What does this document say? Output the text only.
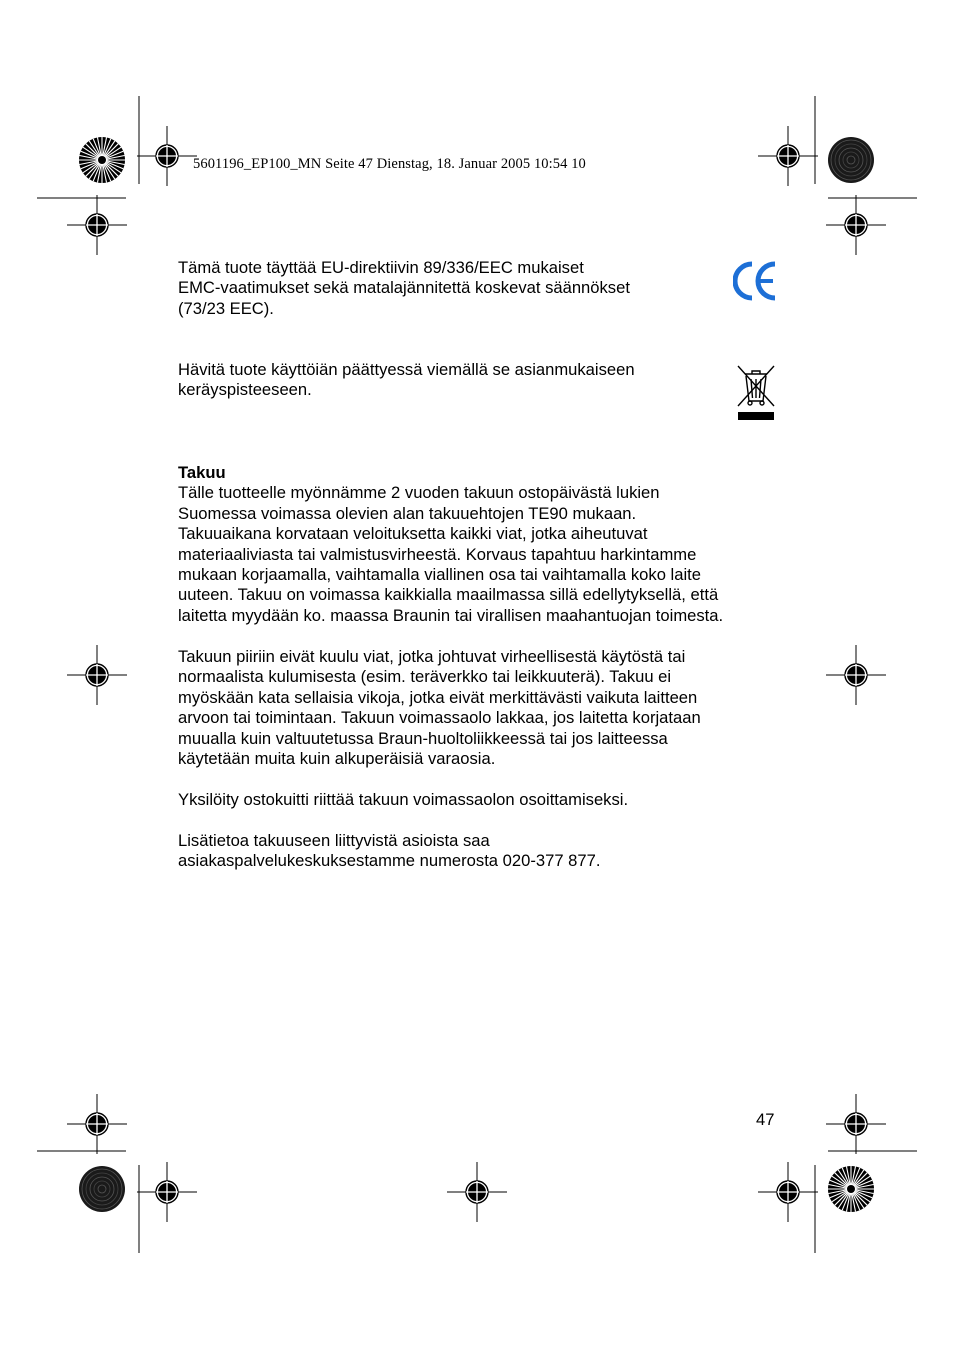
5601196_EP100_MN Seite 47 Dienstag, 18. Januar 2005 10:54 10

Tämä tuote täyttää EU-direktiivin 89/336/EEC mukaiset
EMC-vaatimukset sekä matalajännitettä koskevat säännökset
(73/23 EEC).

Hävitä tuote käyttöiän päättyessä viemällä se asianmukaiseen
keräyspisteeseen.

Takuu
Tälle tuotteelle myönnämme 2 vuoden takuun ostopäivästä lukien
Suomessa voimassa olevien alan takuuehtojen TE90 mukaan.
Takuuaikana korvataan veloituksetta kaikki viat, jotka aiheutuvat
materiaaliviasta tai valmistusvirheestä. Korvaus tapahtuu harkintamme
mukaan korjaamalla, vaihtamalla viallinen osa tai vaihtamalla koko laite
uuteen. Takuu on voimassa kaikkialla maailmassa sillä edellytyksellä, että
laitetta myydään ko. maassa Braunin tai virallisen maahantuojan toimesta.

Takuun piiriin eivät kuulu viat, jotka johtuvat virheellisestä käytöstä tai
normaalista kulumisesta (esim. teräverkko tai leikkuuterä). Takuu ei
myöskään kata sellaisia vikoja, jotka eivät merkittävästi vaikuta laitteen
arvoon tai toimintaan. Takuun voimassaolo lakkaa, jos laitetta korjataan
muualla kuin valtuutetussa Braun-huoltoliikkeessä tai jos laitteessa
käytetään muita kuin alkuperäisiä varaosia.

Yksilöity ostokuitti riittää takuun voimassaolon osoittamiseksi.

Lisätietoa takuuseen liittyvistä asioista saa
asiakaspalvelukeskuksestamme numerosta 020-377 877.

47
